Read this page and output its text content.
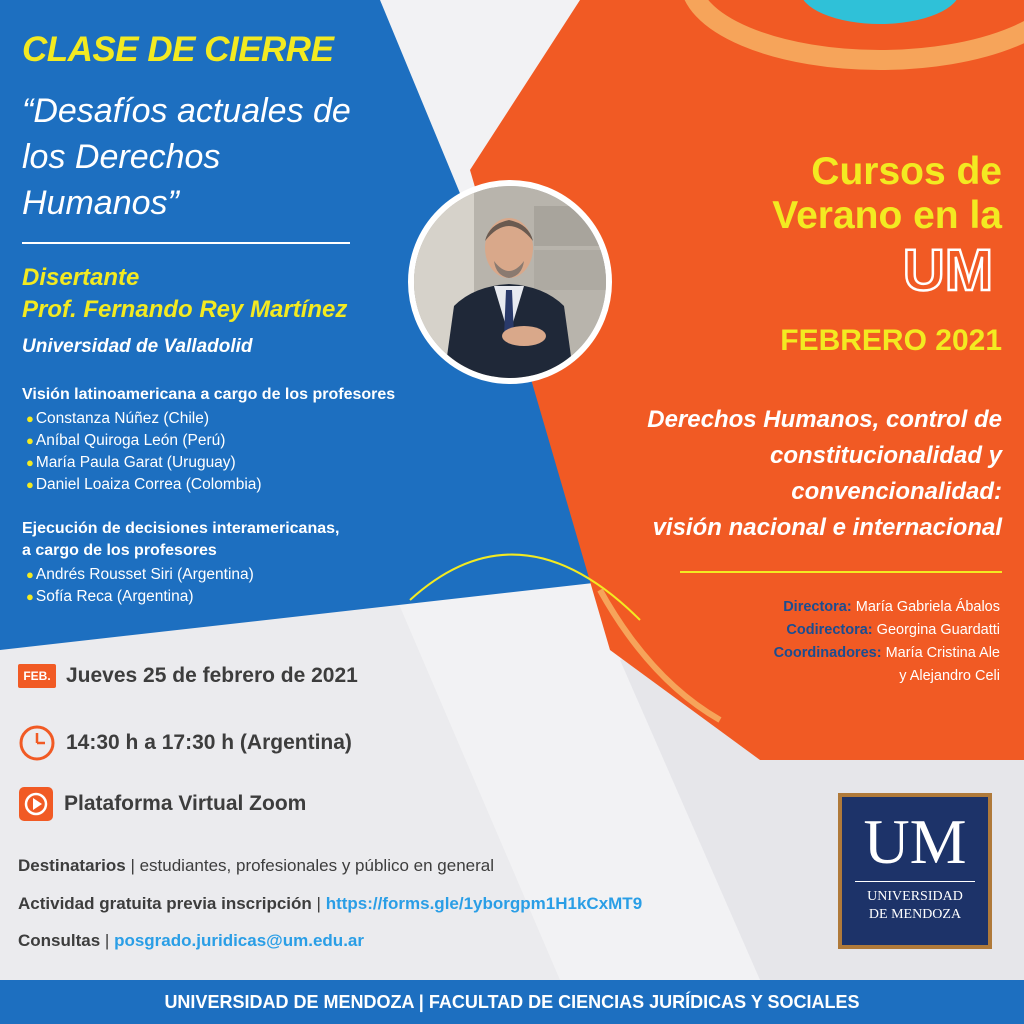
CLASE DE CIERRE
“Desafíos actuales de los Derechos Humanos”
Disertante
Prof. Fernando Rey Martínez
Universidad de Valladolid
Visión latinoamericana a cargo de los profesores
● Constanza Núñez (Chile)
● Aníbal Quiroga León (Perú)
● María Paula Garat (Uruguay)
● Daniel Loaiza Correa (Colombia)
Ejecución de decisiones interamericanas,
a cargo de los profesores
● Andrés Rousset Siri (Argentina)
● Sofía Reca (Argentina)
Cursos de
Verano en la
UM
FEBRERO 2021
Derechos Humanos, control de
constitucionalidad y
convencionalidad:
visión nacional e internacional
Directora: María Gabriela Ábalos
Codirectora: Georgina Guardatti
Coordinadores: María Cristina Ale
y Alejandro Celi
FEB. Jueves 25 de febrero de 2021
14:30 h a 17:30 h (Argentina)
Plataforma Virtual Zoom
Destinatarios | estudiantes, profesionales y público en general
Actividad gratuita previa inscripción | https://forms.gle/1yborgpm1H1kCxMT9
Consultas | posgrado.juridicas@um.edu.ar
UM
UNIVERSIDAD
DE MENDOZA
UNIVERSIDAD DE MENDOZA | FACULTAD DE CIENCIAS JURÍDICAS Y SOCIALES
